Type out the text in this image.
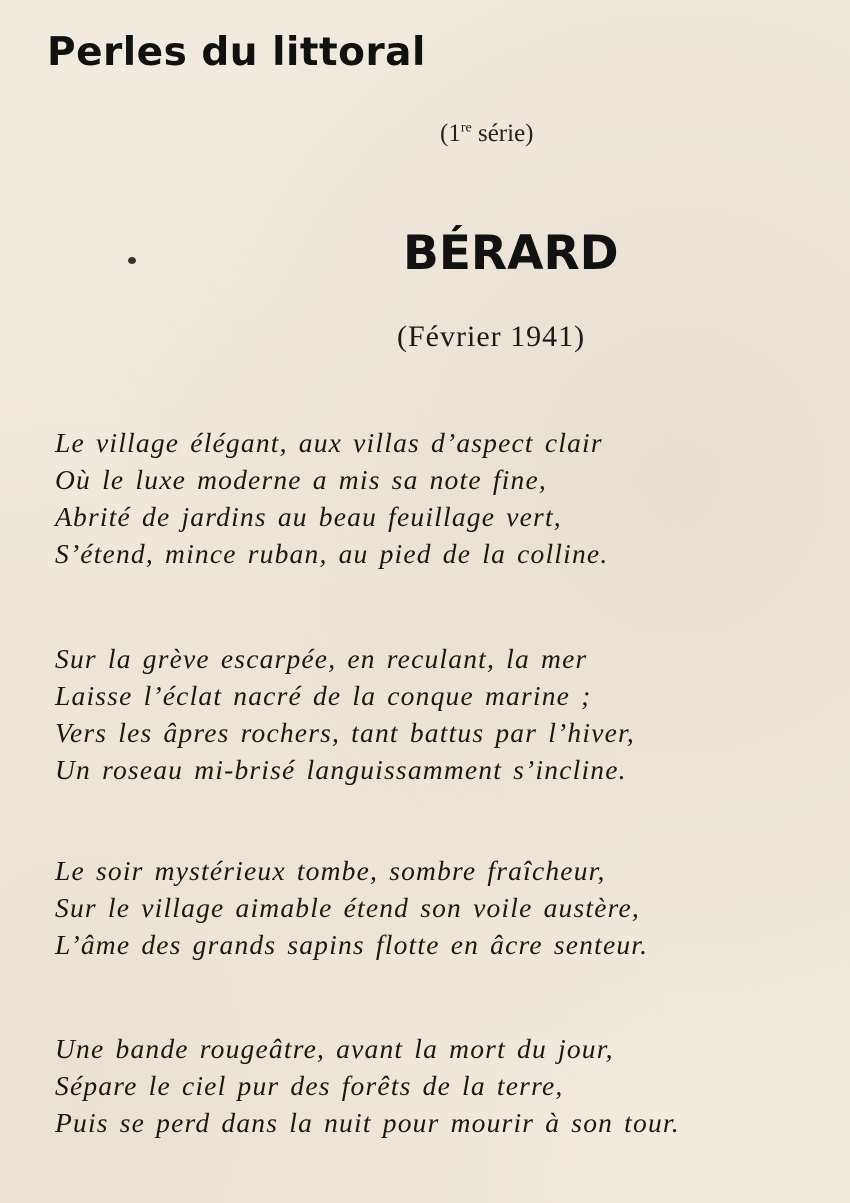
Perles du littoral
(1re série)
BÉRARD
(Février 1941)
Le village élégant, aux villas d’aspect clair
Où le luxe moderne a mis sa note fine,
Abrité de jardins au beau feuillage vert,
S’étend, mince ruban, au pied de la colline.
Sur la grève escarpée, en reculant, la mer
Laisse l’éclat nacré de la conque marine ;
Vers les âpres rochers, tant battus par l’hiver,
Un roseau mi-brisé languissamment s’incline.
Le soir mystérieux tombe, sombre fraîcheur,
Sur le village aimable étend son voile austère,
L’âme des grands sapins flotte en âcre senteur.
Une bande rougeâtre, avant la mort du jour,
Sépare le ciel pur des forêts de la terre,
Puis se perd dans la nuit pour mourir à son tour.
